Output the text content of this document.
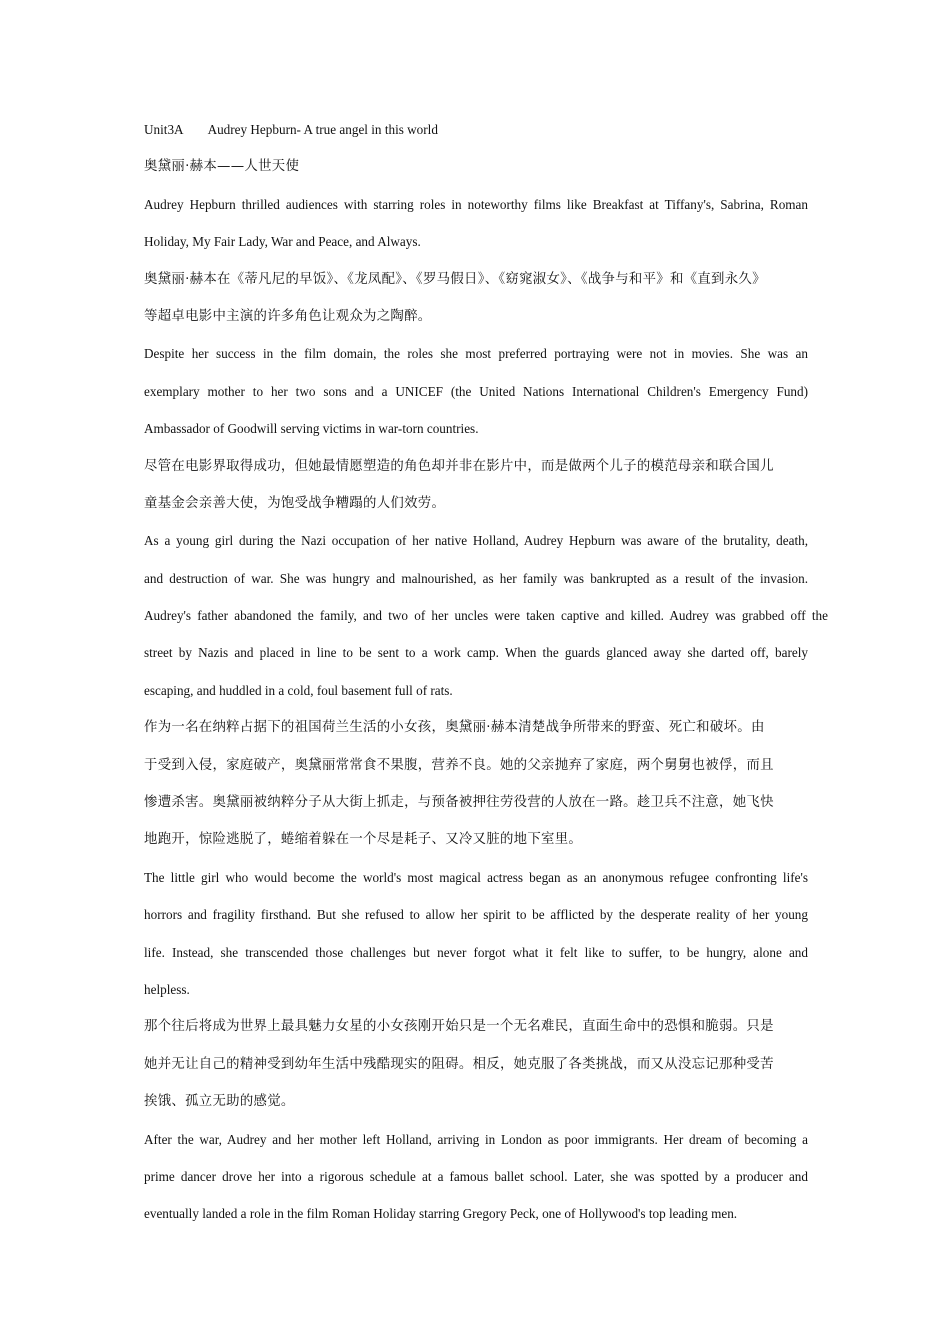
Unit3A Audrey Hepburn- A true angel in this world
奥黛丽·赫本——人世天使
Audrey Hepburn thrilled audiences with starring roles in noteworthy films like Breakfast at Tiffany's, Sabrina, Roman
Holiday, My Fair Lady, War and Peace, and Always.
奥黛丽·赫本在《蒂凡尼的早饭》、《龙凤配》、《罗马假日》、《窈窕淑女》、《战争与和平》和《直到永久》
等超卓电影中主演的许多角色让观众为之陶醉。
Despite her success in the film domain, the roles she most preferred portraying were not in movies. She was an
exemplary mother to her two sons and a UNICEF (the United Nations International Children's Emergency Fund)
Ambassador of Goodwill serving victims in war-torn countries.
尽管在电影界取得成功，但她最情愿塑造的角色却并非在影片中，而是做两个儿子的模范母亲和联合国儿
童基金会亲善大使，为饱受战争糟蹋的人们效劳。
As a young girl during the Nazi occupation of her native Holland, Audrey Hepburn was aware of the brutality, death,
and destruction of war. She was hungry and malnourished, as her family was bankrupted as a result of the invasion.
Audrey's father abandoned the family, and two of her uncles were taken captive and killed. Audrey was grabbed off the
street by Nazis and placed in line to be sent to a work camp. When the guards glanced away she darted off, barely
escaping, and huddled in a cold, foul basement full of rats.
作为一名在纳粹占据下的祖国荷兰生活的小女孩，奥黛丽·赫本清楚战争所带来的野蛮、死亡和破坏。由
于受到入侵，家庭破产，奥黛丽常常食不果腹，营养不良。她的父亲抛弃了家庭，两个舅舅也被俘，而且
惨遭杀害。奥黛丽被纳粹分子从大街上抓走，与预备被押往劳役营的人放在一路。趁卫兵不注意，她飞快
地跑开，惊险逃脱了，蜷缩着躲在一个尽是耗子、又冷又脏的地下室里。
The little girl who would become the world's most magical actress began as an anonymous refugee confronting life's
horrors and fragility firsthand. But she refused to allow her spirit to be afflicted by the desperate reality of her young
life. Instead, she transcended those challenges but never forgot what it felt like to suffer, to be hungry, alone and
helpless.
那个往后将成为世界上最具魅力女星的小女孩刚开始只是一个无名难民，直面生命中的恐惧和脆弱。只是
她并无让自己的精神受到幼年生活中残酷现实的阻碍。相反，她克服了各类挑战，而又从没忘记那种受苦
挨饿、孤立无助的感觉。
After the war, Audrey and her mother left Holland, arriving in London as poor immigrants. Her dream of becoming a
prime dancer drove her into a rigorous schedule at a famous ballet school. Later, she was spotted by a producer and
eventually landed a role in the film Roman Holiday starring Gregory Peck, one of Hollywood's top leading men.
